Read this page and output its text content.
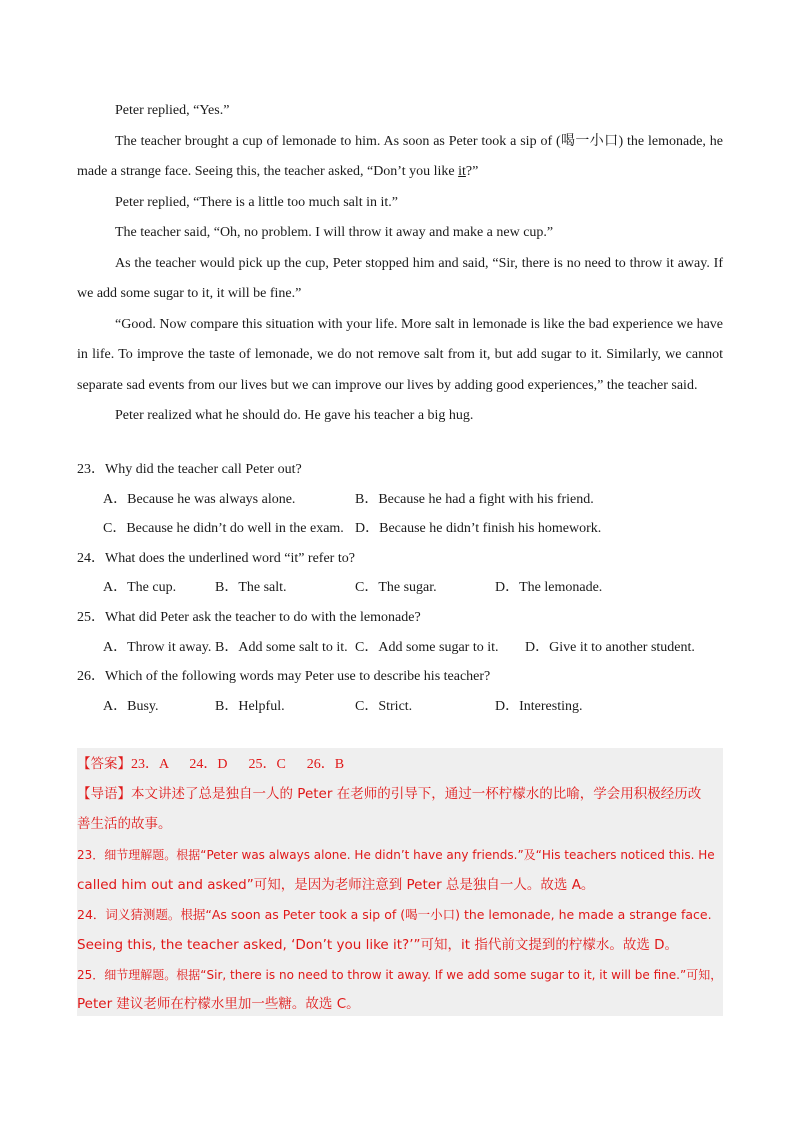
Peter replied, “Yes.”

The teacher brought a cup of lemonade to him. As soon as Peter took a sip of (喝一小口) the lemonade, he made a strange face. Seeing this, the teacher asked, “Don’t you like it?”

Peter replied, “There is a little too much salt in it.”

The teacher said, “Oh, no problem. I will throw it away and make a new cup.”

As the teacher would pick up the cup, Peter stopped him and said, “Sir, there is no need to throw it away. If we add some sugar to it, it will be fine.”

“Good. Now compare this situation with your life. More salt in lemonade is like the bad experience we have in life. To improve the taste of lemonade, we do not remove salt from it, but add sugar to it. Similarly, we cannot separate sad events from our lives but we can improve our lives by adding good experiences,” the teacher said.

Peter realized what he should do. He gave his teacher a big hug.

23．Why did the teacher call Peter out?

A．Because he was always alone.	B．Because he had a fight with his friend.
C．Because he didn’t do well in the exam. D．Because he didn’t finish his homework.

24．What does the underlined word “it” refer to?

A．The cup.	B．The salt.	C．The sugar.	D．The lemonade.

25．What did Peter ask the teacher to do with the lemonade?

A．Throw it away. B．Add some salt to it. C．Add some sugar to it. D．Give it to another student.

26．Which of the following words may Peter use to describe his teacher?

A．Busy.	B．Helpful.	C．Strict.	D．Interesting.
【答案】23．A      24．D      25．C      26．B
【导语】本文讲述了总是独自一人的 Peter 在老师的引导下，通过一杯柠檬水的比喻，学会用积极经历改
善生活的故事。
23．细节理解题。根据“Peter was always alone. He didn’t have any friends.”及“His teachers noticed this. He
called him out and asked”可知，是因为老师注意到 Peter 总是独自一人。故选 A。
24．词义猜测题。根据“As soon as Peter took a sip of (喝一小口) the lemonade, he made a strange face.
Seeing this, the teacher asked, ‘Don’t you like it?’”可知，it 指代前文提到的柠檬水。故选 D。
25．细节理解题。根据“Sir, there is no need to throw it away. If we add some sugar to it, it will be fine.”可知，
Peter 建议老师在柠檬水里加一些糖。故选 C。
